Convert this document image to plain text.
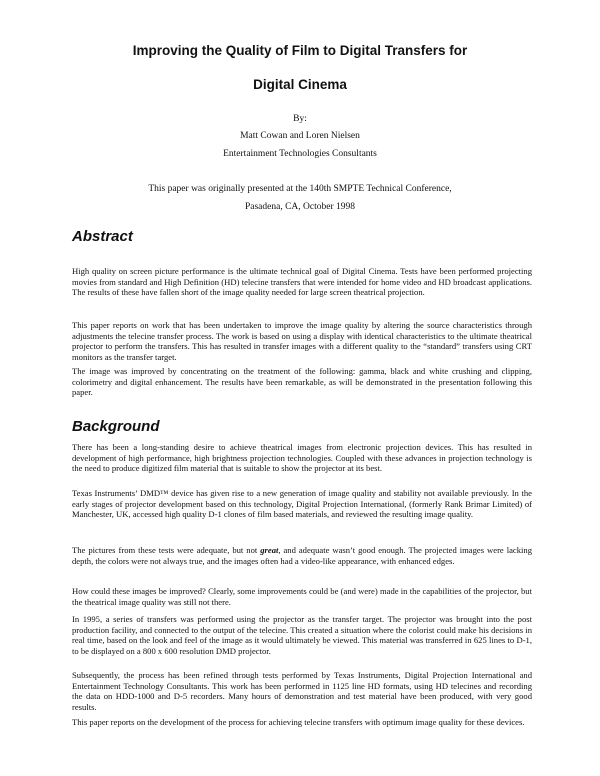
Improving the Quality of Film to Digital Transfers for
Digital Cinema
By:
Matt Cowan and Loren Nielsen
Entertainment Technologies Consultants
This paper was originally presented at the 140th SMPTE Technical Conference,
Pasadena, CA, October 1998
Abstract
High quality on screen picture performance is the ultimate technical goal of Digital Cinema. Tests have been performed projecting movies from standard and High Definition (HD) telecine transfers that were intended for home video and HD broadcast applications. The results of these have fallen short of the image quality needed for large screen theatrical projection.
This paper reports on work that has been undertaken to improve the image quality by altering the source characteristics through adjustments the telecine transfer process. The work is based on using a display with identical characteristics to the ultimate theatrical projector to perform the transfers. This has resulted in transfer images with a different quality to the “standard” transfers using CRT monitors as the transfer target.
The image was improved by concentrating on the treatment of the following: gamma, black and white crushing and clipping, colorimetry and digital enhancement. The results have been remarkable, as will be demonstrated in the presentation following this paper.
Background
There has been a long-standing desire to achieve theatrical images from electronic projection devices. This has resulted in development of high performance, high brightness projection technologies. Coupled with these advances in projection technology is the need to produce digitized film material that is suitable to show the projector at its best.
Texas Instruments’ DMD™ device has given rise to a new generation of image quality and stability not available previously. In the early stages of projector development based on this technology, Digital Projection International, (formerly Rank Brimar Limited) of Manchester, UK, accessed high quality D-1 clones of film based materials, and reviewed the resulting image quality.
The pictures from these tests were adequate, but not great, and adequate wasn’t good enough. The projected images were lacking depth, the colors were not always true, and the images often had a video-like appearance, with enhanced edges.
How could these images be improved? Clearly, some improvements could be (and were) made in the capabilities of the projector, but the theatrical image quality was still not there.
In 1995, a series of transfers was performed using the projector as the transfer target. The projector was brought into the post production facility, and connected to the output of the telecine. This created a situation where the colorist could make his decisions in real time, based on the look and feel of the image as it would ultimately be viewed. This material was transferred in 625 lines to D-1, to be displayed on a 800 x 600 resolution DMD projector.
Subsequently, the process has been refined through tests performed by Texas Instruments, Digital Projection International and Entertainment Technology Consultants. This work has been performed in 1125 line HD formats, using HD telecines and recording the data on HDD-1000 and D-5 recorders. Many hours of demonstration and test material have been produced, with very good results.
This paper reports on the development of the process for achieving telecine transfers with optimum image quality for these devices.
